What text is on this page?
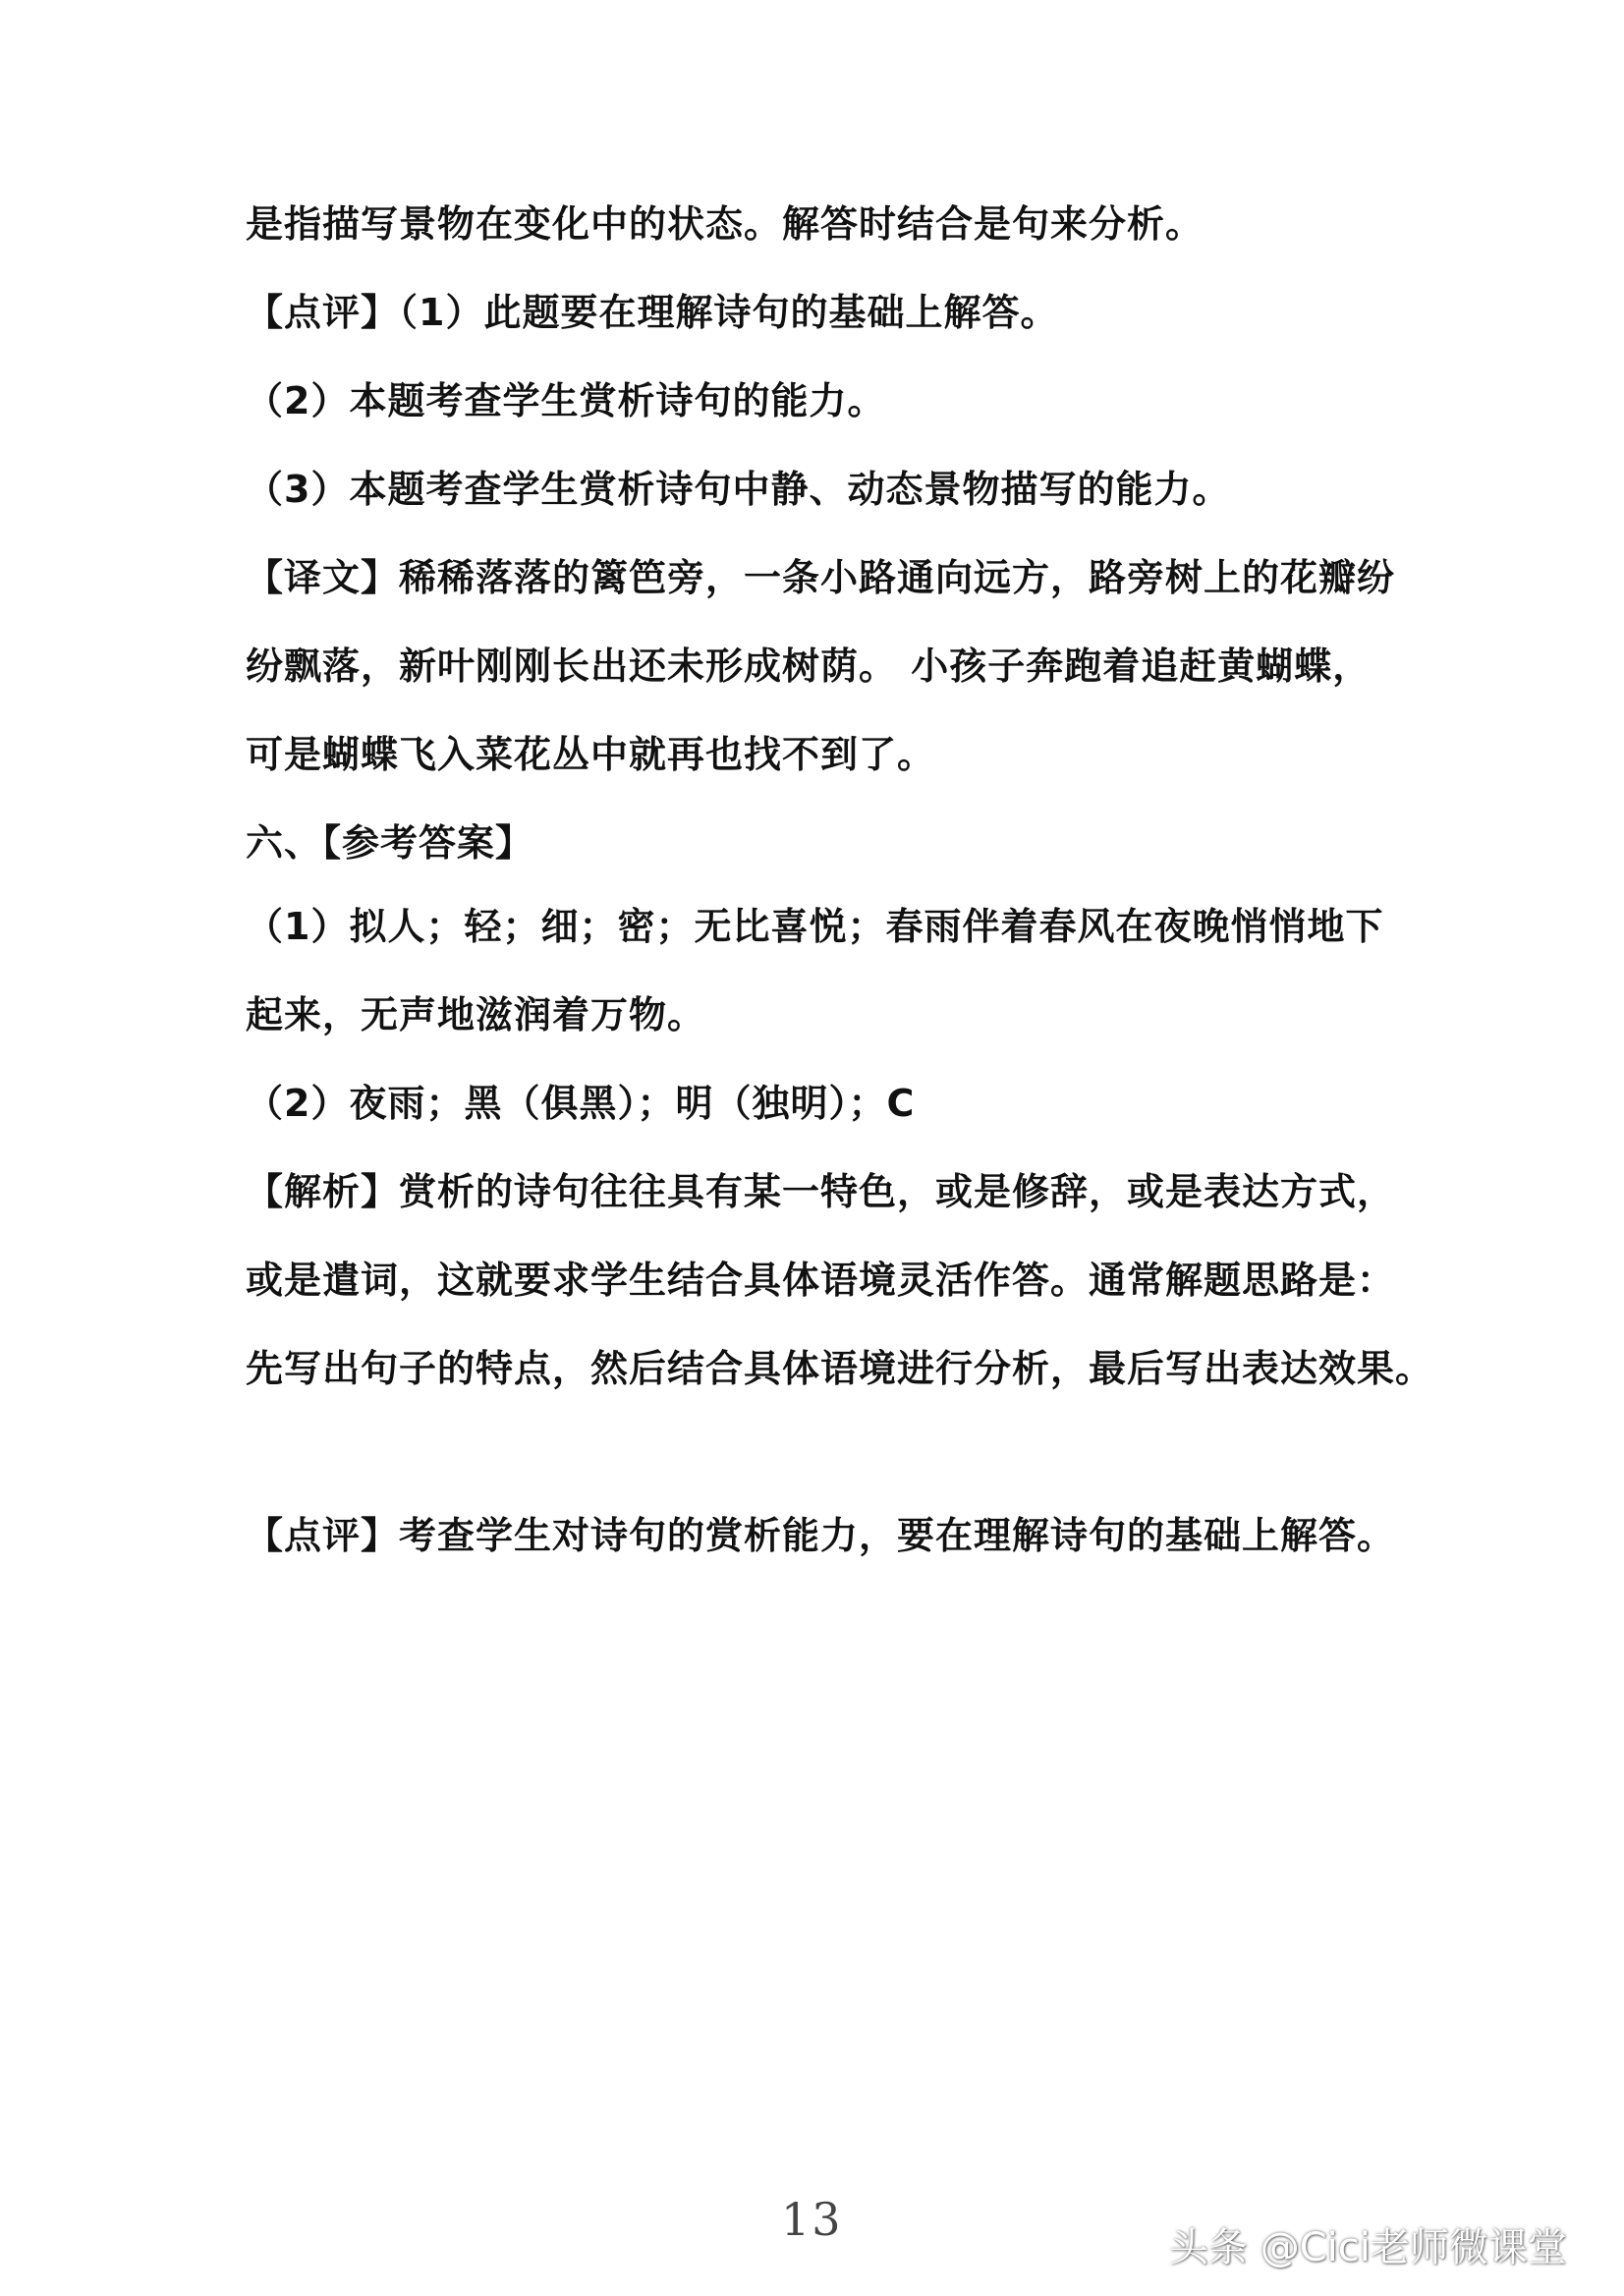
是指描写景物在变化中的状态。解答时结合是句来分析。
【点评】（1）此题要在理解诗句的基础上解答。
（2）本题考查学生赏析诗句的能力。
（3）本题考查学生赏析诗句中静、动态景物描写的能力。
【译文】稀稀落落的篱笆旁，一条小路通向远方，路旁树上的花瓣纷
纷飘落，新叶刚刚长出还未形成树荫。 小孩子奔跑着追赶黄蝴蝶，
可是蝴蝶飞入菜花丛中就再也找不到了。
六、【参考答案】
（1）拟人；轻；细；密；无比喜悦；春雨伴着春风在夜晚悄悄地下
起来，无声地滋润着万物。
（2）夜雨；黑（俱黑）；明（独明）；C
【解析】赏析的诗句往往具有某一特色，或是修辞，或是表达方式，
或是遣词，这就要求学生结合具体语境灵活作答。通常解题思路是：
先写出句子的特点，然后结合具体语境进行分析，最后写出表达效果。
【点评】考查学生对诗句的赏析能力，要在理解诗句的基础上解答。
13
头条 @Cici老师微课堂
